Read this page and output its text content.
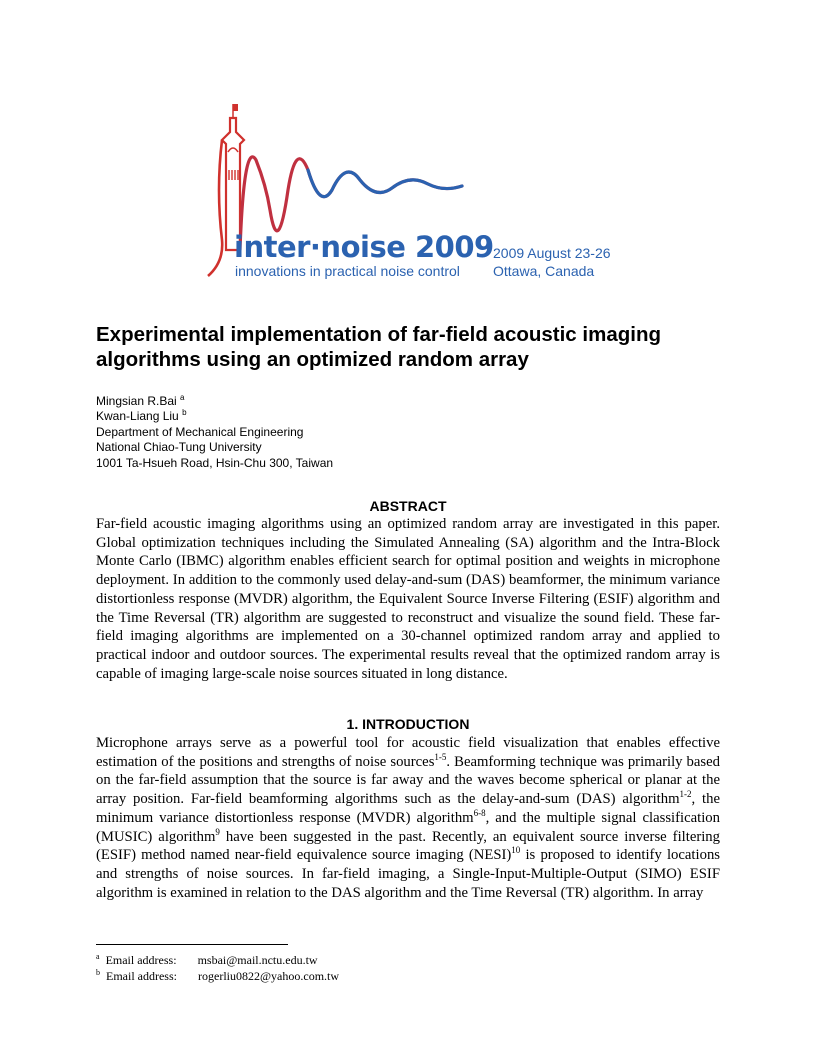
inter·noise 2009
innovations in practical noise control
2009 August 23-26
Ottawa, Canada
Experimental implementation of far-field acoustic imaging algorithms using an optimized random array
Mingsian R.Bai $^a$
Kwan-Liang Liu $^b$
Department of Mechanical Engineering
National Chiao-Tung University
1001 Ta-Hsueh Road, Hsin-Chu 300, Taiwan
ABSTRACT

Far-field acoustic imaging algorithms using an optimized random array are investigated in this paper. Global optimization techniques including the Simulated Annealing (SA) algorithm and the Intra-Block Monte Carlo (IBMC) algorithm enables efficient search for optimal position and weights in microphone deployment. In addition to the commonly used delay-and-sum (DAS) beamformer, the minimum variance distortionless response (MVDR) algorithm, the Equivalent Source Inverse Filtering (ESIF) algorithm and the Time Reversal (TR) algorithm are suggested to reconstruct and visualize the sound field. These far-field imaging algorithms are implemented on a 30-channel optimized random array and applied to practical indoor and outdoor sources. The experimental results reveal that the optimized random array is capable of imaging large-scale noise sources situated in long distance.

1. INTRODUCTION

Microphone arrays serve as a powerful tool for acoustic field visualization that enables effective estimation of the positions and strengths of noise sources$^{1-5}$. Beamforming technique was primarily based on the far-field assumption that the source is far away and the waves become spherical or planar at the array position. Far-field beamforming algorithms such as the delay-and-sum (DAS) algorithm$^{1-2}$, the minimum variance distortionless response (MVDR) algorithm$^{6-8}$, and the multiple signal classification (MUSIC) algorithm$^9$ have been suggested in the past. Recently, an equivalent source inverse filtering (ESIF) method named near-field equivalence source imaging (NESI)$^{10}$ is proposed to identify locations and strengths of noise sources. In far-field imaging, a Single-Input-Multiple-Output (SIMO) ESIF algorithm is examined in relation to the DAS algorithm and the Time Reversal (TR) algorithm. In array

$^a$ Email address: msbai@mail.nctu.edu.tw
$^b$ Email address: rogerliu0822@yahoo.com.tw
